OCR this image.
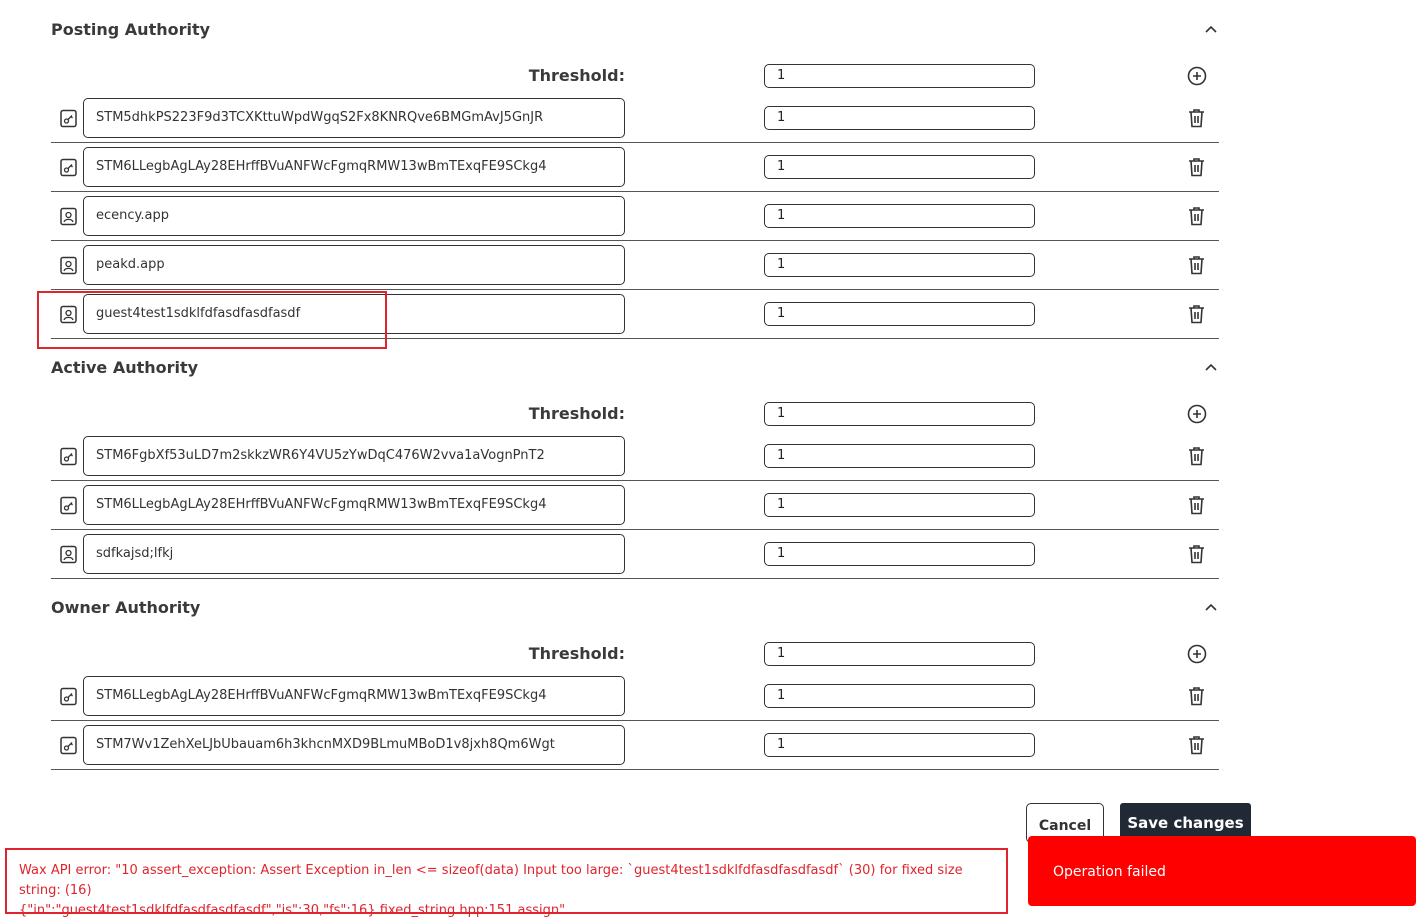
Posting Authority
Threshold:	1
STM5dhkPS223F9d3TCXKttuWpdWgqS2Fx8KNRQve6BMGmAvJ5GnJR	1
STM6LLegbAgLAy28EHrffBVuANFWcFgmqRMW13wBmTExqFE9SCkg4	1
ecency.app	1
peakd.app	1
guest4test1sdklfdfasdfasdfasdf	1
Active Authority
Threshold:	1
STM6FgbXf53uLD7m2skkzWR6Y4VU5zYwDqC476W2vva1aVognPnT2	1
STM6LLegbAgLAy28EHrffBVuANFWcFgmqRMW13wBmTExqFE9SCkg4	1
sdfkajsd;lfkj	1
Owner Authority
Threshold:	1
STM6LLegbAgLAy28EHrffBVuANFWcFgmqRMW13wBmTExqFE9SCkg4	1
STM7Wv1ZehXeLJbUbauam6h3khcnMXD9BLmuMBoD1v8jxh8Qm6Wgt	1
Cancel	Save changes
Wax API error: "10 assert_exception: Assert Exception in_len <= sizeof(data) Input too large: `guest4test1sdklfdfasdfasdfasdf` (30) for fixed size string: (16)
{"in":"guest4test1sdklfdfasdfasdfasdf","is":30,"fs":16} fixed_string.hpp:151 assign"
Operation failed
